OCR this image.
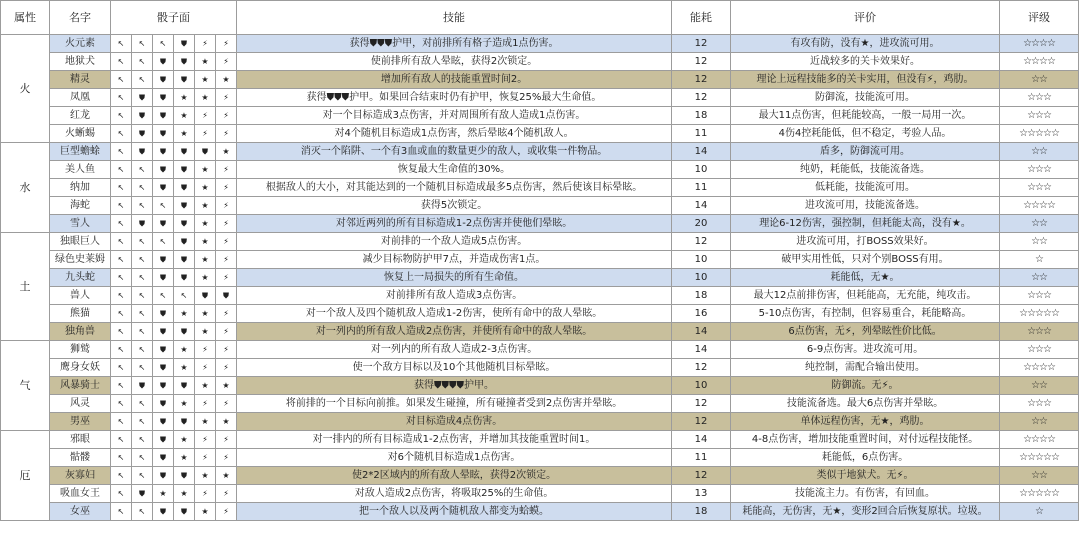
属性	名字	骰子面						技能	能耗	评价	评级
火	火元素	↖	↖	↖	⛊	⚡	⚡	获得⛊⛊⛊护甲，对前排所有格子造成1点伤害。	12	有攻有防，没有★，进攻流可用。	☆☆☆☆
	地狱犬	↖	↖	⛊	⛊	★	⚡	使前排所有敌人晕眩，获得2次锁定。	12	近战较多的关卡效果好。	☆☆☆☆
	精灵	↖	↖	⛊	⛊	★	★	增加所有敌人的技能重置时间2。	12	理论上远程技能多的关卡实用，但没有⚡，鸡肋。	☆☆
	凤凰	↖	⛊	⛊	★	★	⚡	获得⛊⛊⛊护甲。如果回合结束时仍有护甲，恢复25%最大生命值。	12	防御流，技能流可用。	☆☆☆
	红龙	↖	⛊	⛊	★	⚡	⚡	对一个目标造成3点伤害，并对周围所有敌人造成1点伤害。	18	最大11点伤害，但耗能较高，一般一局用一次。	☆☆☆
	火蜥蜴	↖	⛊	⛊	★	⚡	⚡	对4个随机目标造成1点伤害，然后晕眩4个随机敌人。	11	4伤4控耗能低，但不稳定，考验人品。	☆☆☆☆☆
水	巨型蟾蜍	↖	⛊	⛊	⛊	⛊	★	消灭一个陷阱、一个有3血或血的数量更少的敌人，或收集一件物品。	14	盾多，防御流可用。	☆☆
	美人鱼	↖	↖	⛊	⛊	★	⚡	恢复最大生命值的30%。	10	纯奶，耗能低，技能流备选。	☆☆☆
	纳加	↖	↖	⛊	⛊	★	⚡	根据敌人的大小，对其能达到的一个随机目标造成最多5点伤害，然后使该目标晕眩。	11	低耗能，技能流可用。	☆☆☆
	海蛇	↖	↖	↖	⛊	★	⚡	获得5次锁定。	14	进攻流可用，技能流备选。	☆☆☆☆
	雪人	↖	⛊	⛊	⛊	★	⚡	对邻近两列的所有目标造成1-2点伤害并使他们晕眩。	20	理论6-12伤害，强控制，但耗能太高，没有★。	☆☆
土	独眼巨人	↖	↖	↖	⛊	★	⚡	对前排的一个敌人造成5点伤害。	12	进攻流可用，打BOSS效果好。	☆☆
	绿色史莱姆	↖	↖	⛊	⛊	★	⚡	减少目标物防护甲7点，并造成伤害1点。	10	破甲实用性低，只对个别BOSS有用。	☆
	九头蛇	↖	↖	⛊	⛊	★	⚡	恢复上一局损失的所有生命值。	10	耗能低，无★。	☆☆
	兽人	↖	↖	↖	↖	⛊	⛊	对前排所有敌人造成3点伤害。	18	最大12点前排伤害，但耗能高，无充能，纯攻击。	☆☆☆
	熊猫	↖	↖	⛊	★	★	⚡	对一个敌人及四个随机敌人造成1-2伤害，使所有命中的敌人晕眩。	16	5-10点伤害，有控制，但容易重合，耗能略高。	☆☆☆☆☆
	独角兽	↖	↖	⛊	⛊	★	⚡	对一列内的所有敌人造成2点伤害，并使所有命中的敌人晕眩。	14	6点伤害，无⚡，列晕眩性价比低。	☆☆☆
气	狮鹫	↖	↖	⛊	★	⚡	⚡	对一列内的所有敌人造成2-3点伤害。	14	6-9点伤害。进攻流可用。	☆☆☆
	鹰身女妖	↖	↖	⛊	★	⚡	⚡	使一个敌方目标以及10个其他随机目标晕眩。	12	纯控制，需配合输出使用。	☆☆☆☆
	风暴骑士	↖	⛊	⛊	⛊	★	★	获得⛊⛊⛊⛊护甲。	10	防御流。无⚡。	☆☆
	风灵	↖	↖	⛊	★	⚡	⚡	将前排的一个目标向前推。如果发生碰撞，所有碰撞者受到2点伤害并晕眩。	12	技能流备选。最大6点伤害并晕眩。	☆☆☆
	男巫	↖	↖	⛊	⛊	★	★	对目标造成4点伤害。	12	单体远程伤害，无★，鸡肋。	☆☆
厄	邪眼	↖	↖	⛊	★	⚡	⚡	对一排内的所有目标造成1-2点伤害，并增加其技能重置时间1。	14	4-8点伤害，增加技能重置时间，对付远程技能怪。	☆☆☆☆
	骷髅	↖	↖	⛊	★	⚡	⚡	对6个随机目标造成1点伤害。	11	耗能低，6点伤害。	☆☆☆☆☆
	灰寡妇	↖	↖	⛊	⛊	★	★	使2*2区域内的所有敌人晕眩，获得2次锁定。	12	类似于地狱犬。无⚡。	☆☆
	吸血女王	↖	⛊	★	★	⚡	⚡	对敌人造成2点伤害，将吸取25%的生命值。	13	技能流主力。有伤害，有回血。	☆☆☆☆☆
	女巫	↖	↖	⛊	⛊	★	⚡	把一个敌人以及两个随机敌人都变为蛤蟆。	18	耗能高，无伤害，无★，变形2回合后恢复原状。垃圾。	☆
